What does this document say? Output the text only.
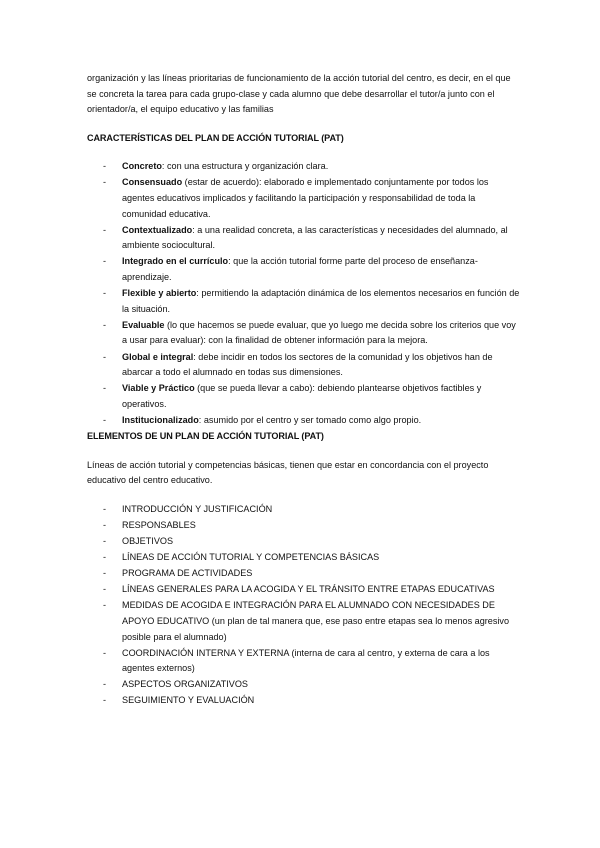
organización y las líneas prioritarias de funcionamiento de la acción tutorial del centro, es decir, en el que se concreta la tarea para cada grupo-clase y cada alumno que debe desarrollar el tutor/a junto con el orientador/a, el equipo educativo y las familias

CARACTERÍSTICAS DEL PLAN DE ACCIÓN TUTORIAL (PAT)

- Concreto: con una estructura y organización clara.
- Consensuado (estar de acuerdo): elaborado e implementado conjuntamente por todos los agentes educativos implicados y facilitando la participación y responsabilidad de toda la comunidad educativa.
- Contextualizado: a una realidad concreta, a las características y necesidades del alumnado, al ambiente sociocultural.
- Integrado en el currículo: que la acción tutorial forme parte del proceso de enseñanza-aprendizaje.
- Flexible y abierto: permitiendo la adaptación dinámica de los elementos necesarios en función de la situación.
- Evaluable (lo que hacemos se puede evaluar, que yo luego me decida sobre los criterios que voy a usar para evaluar): con la finalidad de obtener información para la mejora.
- Global e integral: debe incidir en todos los sectores de la comunidad y los objetivos han de abarcar a todo el alumnado en todas sus dimensiones.
- Viable y Práctico (que se pueda llevar a cabo): debiendo plantearse objetivos factibles y operativos.
- Institucionalizado: asumido por el centro y ser tomado como algo propio.

ELEMENTOS DE UN PLAN DE ACCIÓN TUTORIAL (PAT)

Líneas de acción tutorial y competencias básicas, tienen que estar en concordancia con el proyecto educativo del centro educativo.

- INTRODUCCIÓN Y JUSTIFICACIÓN
- RESPONSABLES
- OBJETIVOS
- LÍNEAS DE ACCIÓN TUTORIAL Y COMPETENCIAS BÁSICAS
- PROGRAMA DE ACTIVIDADES
- LÍNEAS GENERALES PARA LA ACOGIDA Y EL TRÁNSITO ENTRE ETAPAS EDUCATIVAS
- MEDIDAS DE ACOGIDA E INTEGRACIÓN PARA EL ALUMNADO CON NECESIDADES DE APOYO EDUCATIVO (un plan de tal manera que, ese paso entre etapas sea lo menos agresivo posible para el alumnado)
- COORDINACIÓN INTERNA Y EXTERNA (interna de cara al centro, y externa de cara a los agentes externos)
- ASPECTOS ORGANIZATIVOS
- SEGUIMIENTO Y EVALUACIÓN
